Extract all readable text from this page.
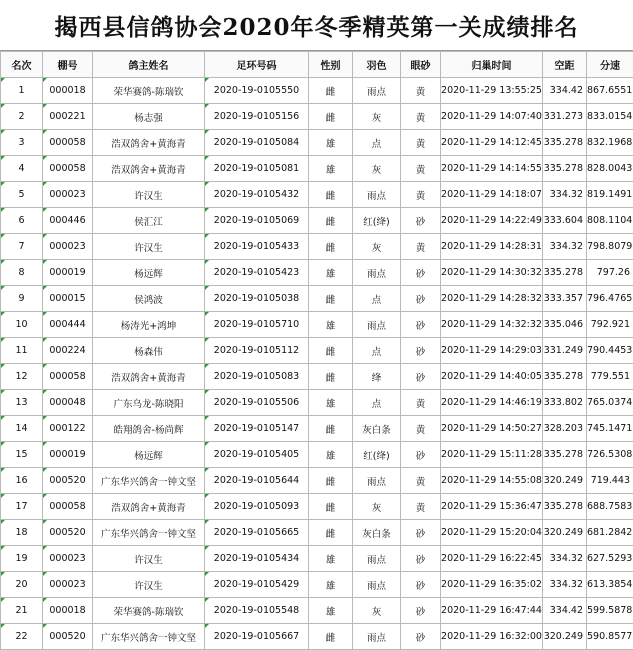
揭西县信鸽协会2020年冬季精英第一关成绩排名
名次	棚号	鸽主姓名	足环号码	性别	羽色	眼砂	归巢时间	空距	分速
1	000018	荣华赛鸽-陈瑞钦	2020-19-0105550	雌	雨点	黄	2020-11-29 13:55:25	334.42	867.6551
2	000221	杨志强	2020-19-0105156	雌	灰	黄	2020-11-29 14:07:40	331.273	833.0154
3	000058	浩双鸽舍+黄海青	2020-19-0105084	雄	点	黄	2020-11-29 14:12:45	335.278	832.1968
4	000058	浩双鸽舍+黄海青	2020-19-0105081	雄	灰	黄	2020-11-29 14:14:55	335.278	828.0043
5	000023	许汉生	2020-19-0105432	雌	雨点	黄	2020-11-29 14:18:07	334.32	819.1491
6	000446	侯汇江	2020-19-0105069	雌	红(绛)	砂	2020-11-29 14:22:49	333.604	808.1104
7	000023	许汉生	2020-19-0105433	雌	灰	黄	2020-11-29 14:28:31	334.32	798.8079
8	000019	杨远辉	2020-19-0105423	雄	雨点	砂	2020-11-29 14:30:32	335.278	797.26
9	000015	侯鸿波	2020-19-0105038	雌	点	砂	2020-11-29 14:28:32	333.357	796.4765
10	000444	杨涛光+鸿坤	2020-19-0105710	雄	雨点	砂	2020-11-29 14:32:32	335.046	792.921
11	000224	杨森伟	2020-19-0105112	雌	点	砂	2020-11-29 14:29:03	331.249	790.4453
12	000058	浩双鸽舍+黄海青	2020-19-0105083	雌	绛	砂	2020-11-29 14:40:05	335.278	779.551
13	000048	广东乌龙-陈晓阳	2020-19-0105506	雄	点	黄	2020-11-29 14:46:19	333.802	765.0374
14	000122	皓翔鸽舍-杨尚辉	2020-19-0105147	雌	灰白条	黄	2020-11-29 14:50:27	328.203	745.1471
15	000019	杨远辉	2020-19-0105405	雄	红(绛)	砂	2020-11-29 15:11:28	335.278	726.5308
16	000520	广东华兴鸽舍一钟文坚	2020-19-0105644	雌	雨点	黄	2020-11-29 14:55:08	320.249	719.443
17	000058	浩双鸽舍+黄海青	2020-19-0105093	雌	灰	黄	2020-11-29 15:36:47	335.278	688.7583
18	000520	广东华兴鸽舍一钟文坚	2020-19-0105665	雌	灰白条	砂	2020-11-29 15:20:04	320.249	681.2842
19	000023	许汉生	2020-19-0105434	雄	雨点	砂	2020-11-29 16:22:45	334.32	627.5293
20	000023	许汉生	2020-19-0105429	雄	雨点	砂	2020-11-29 16:35:02	334.32	613.3854
21	000018	荣华赛鸽-陈瑞钦	2020-19-0105548	雄	灰	砂	2020-11-29 16:47:44	334.42	599.5878
22	000520	广东华兴鸽舍一钟文坚	2020-19-0105667	雌	雨点	砂	2020-11-29 16:32:00	320.249	590.8577
